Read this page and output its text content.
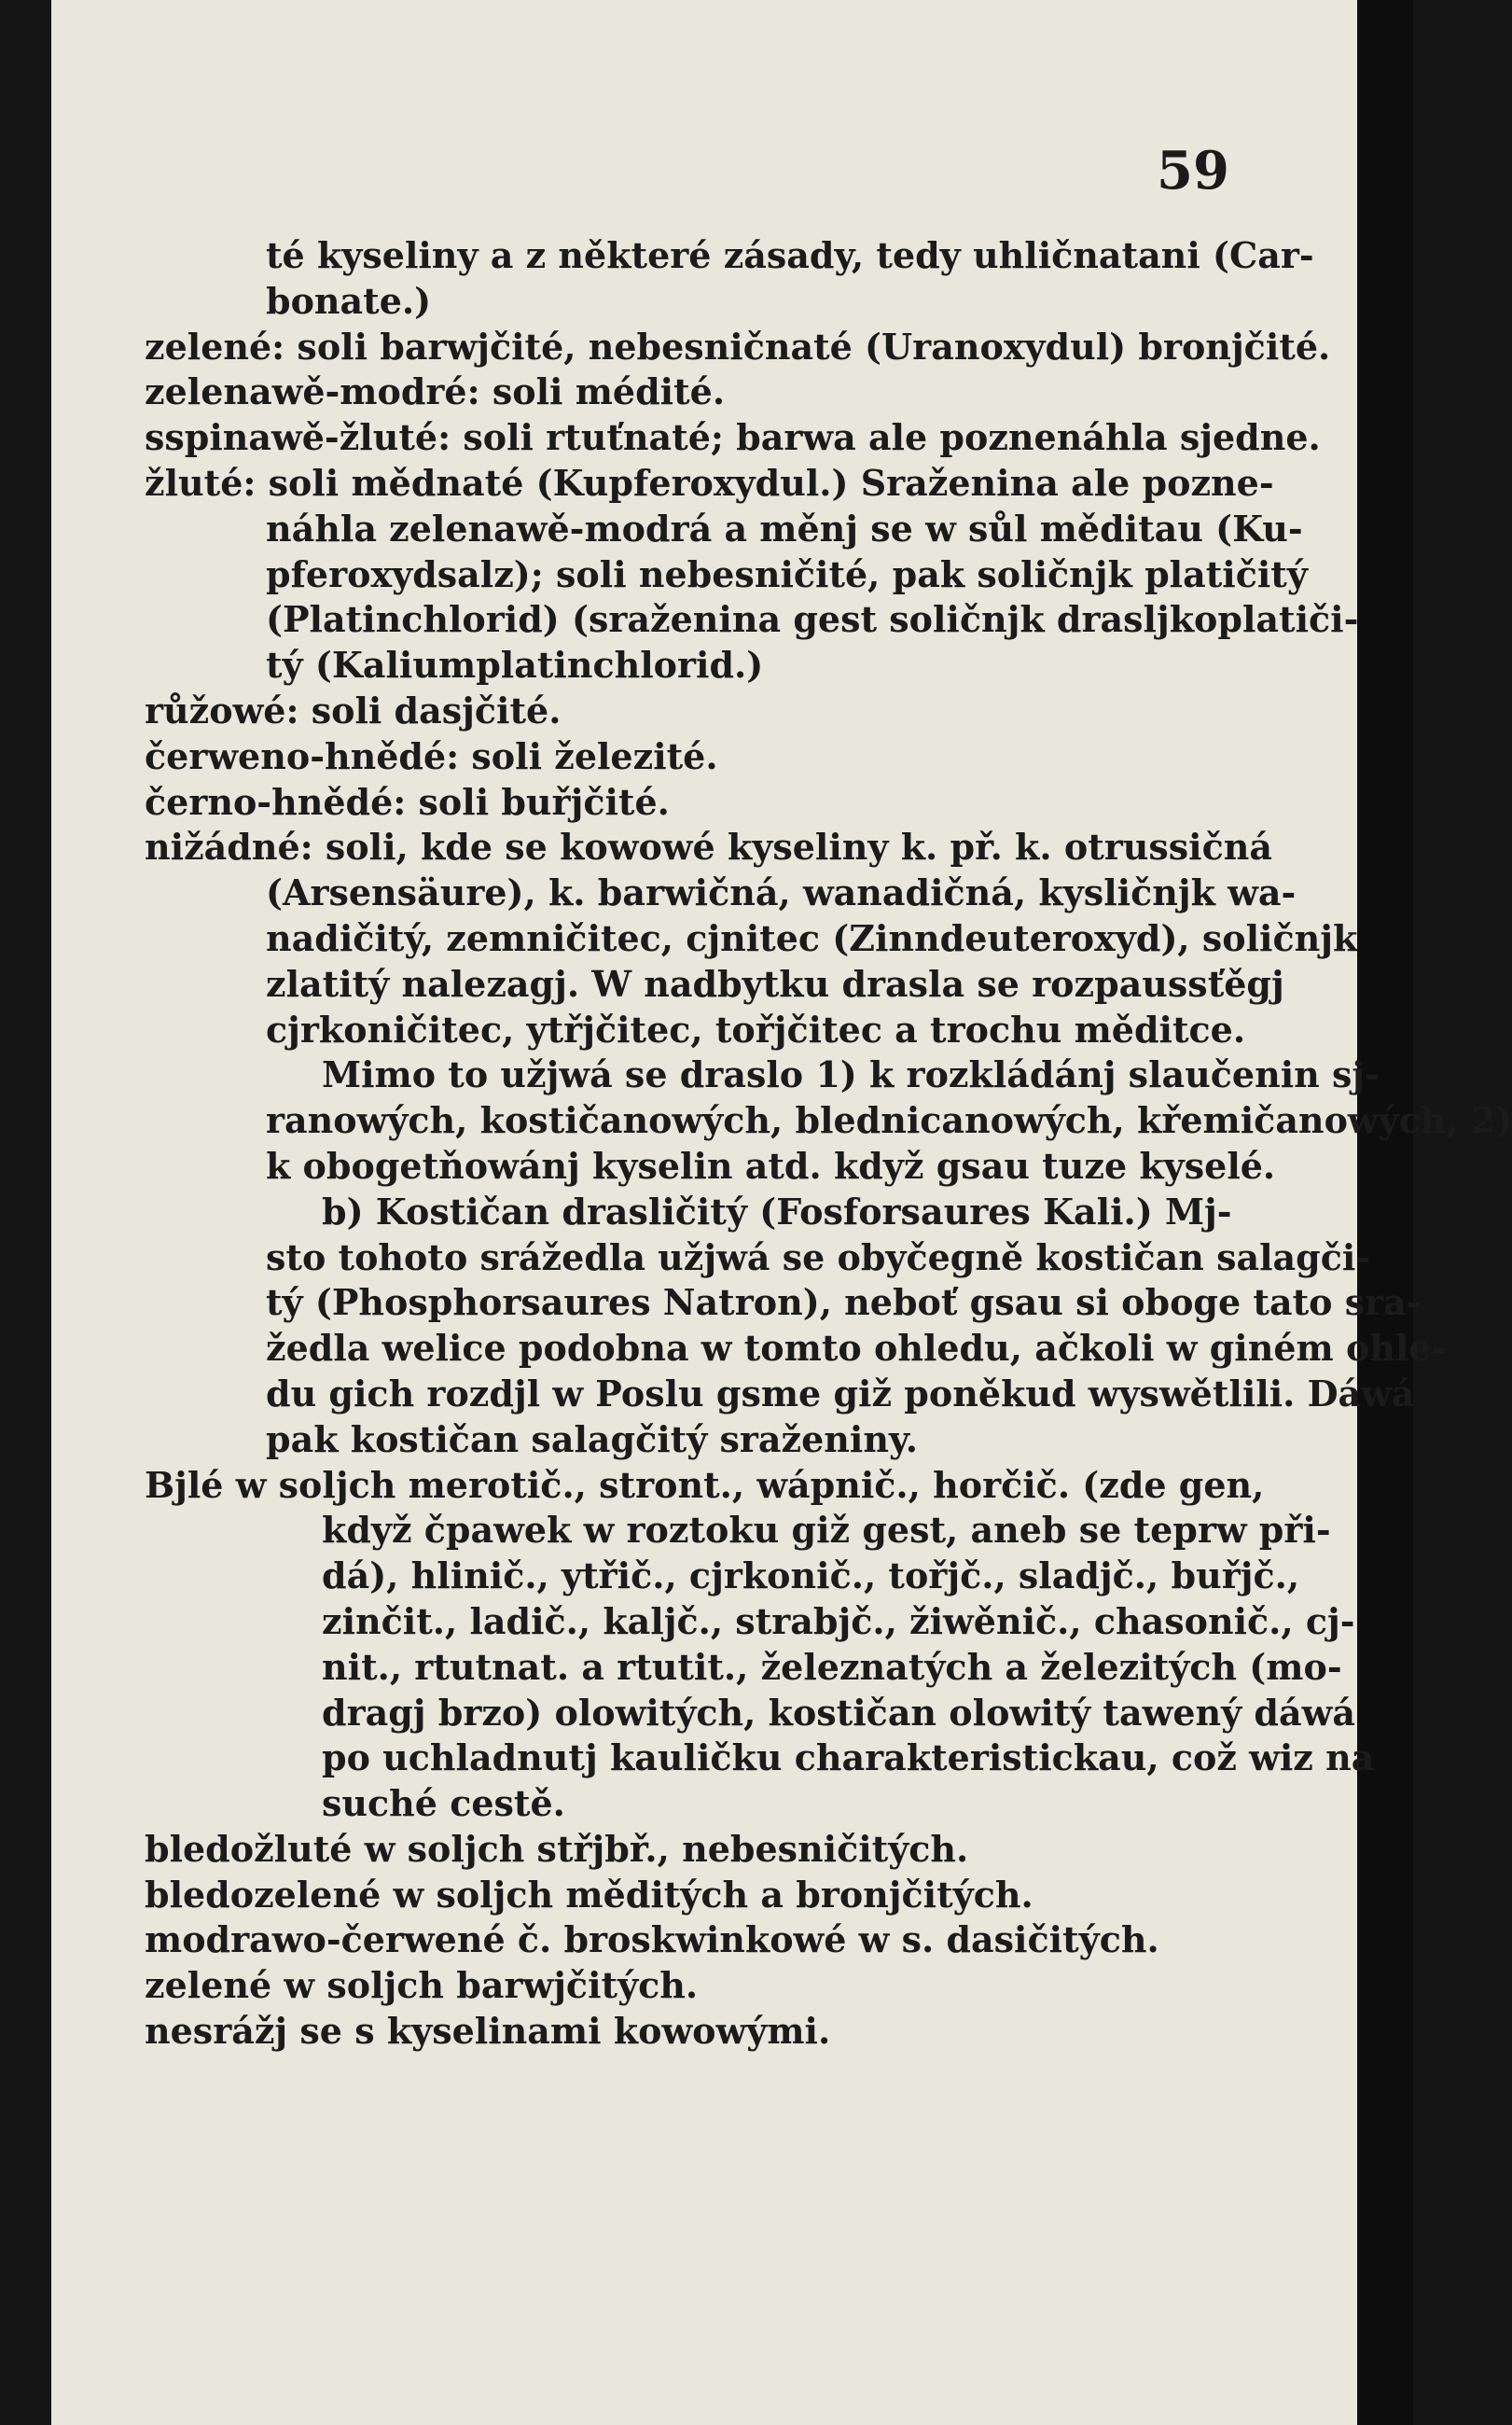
59
té kyseliny a z některé zásady, tedy uhličnatani (Car-
bonate.)
zelené: soli barwjčité, nebesničnaté (Uranoxydul) bronjčité.
zelenawě-modré: soli médité.
sspinawě-žluté: soli rtuťnaté; barwa ale poznenáhla sjedne.
žluté: soli mědnaté (Kupferoxydul.) Sraženina ale pozne-
náhla zelenawě-modrá a měnj se w sůl měditau (Ku-
pferoxydsalz); soli nebesničité, pak soličnjk platičitý
(Platinchlorid) (sraženina gest soličnjk draslјkoplatiči-
tý (Kaliumplatinchlorid.)
růžowé: soli dasjčité.
čerweno-hnědé: soli železité.
černo-hnědé: soli buřjčité.
nižádné: soli, kde se kowowé kyseliny k. př. k. otrussičná
(Arsensäure), k. barwičná, wanadičná, kysličnjk wa-
nadičitý, zemničitec, cjnitec (Zinndeuteroxyd), soličnjk
zlatitý nalezagj. W nadbytku drasla se rozpaussťěgj
cjrkoničitec, ytřjčitec, tořjčitec a trochu měditce.
Mimo to užjwá se draslo 1) k rozkládánj slaučenin sj-
ranowých, kostičanowých, blednicanowých, křemičanowých, 2)
k obogetňowánj kyselin atd. když gsau tuze kyselé.
b) Kostičan drasličitý (Fosforsaures Kali.) Mj-
sto tohoto srážedla užjwá se obyčegně kostičan salagči-
tý (Phosphorsaures Natron), neboť gsau si oboge tato sra-
žedla welice podobna w tomto ohledu, ačkoli w giném ohle-
du gich rozdjl w Poslu gsme giž poněkud wyswětlili. Dáwá
pak kostičan salagčitý sraženiny.
Bjlé w soljch merotič., stront., wápnič., horčič. (zde gen,
když čpawek w roztoku giž gest, aneb se teprw při-
dá), hlinič., ytřič., cjrkonič., tořjč., sladjč., buřjč.,
zinčit., ladič., kaljč., strabjč., žiwěnič., chasonič., cj-
nit., rtutnat. a rtutit., železnatých a železitých (mo-
dragj brzo) olowitých, kostičan olowitý tawený dáwá
po uchladnutj kauličku charakteristickau, což wiz na
suché cestě.
bledožluté w soljch střjbř., nebesničitých.
bledozelené w soljch měditých a bronjčitých.
modrawo-čerwené č. broskwinkowé w s. dasičitých.
zelené w soljch barwjčitých.
nesrážj se s kyselinami kowowými.
